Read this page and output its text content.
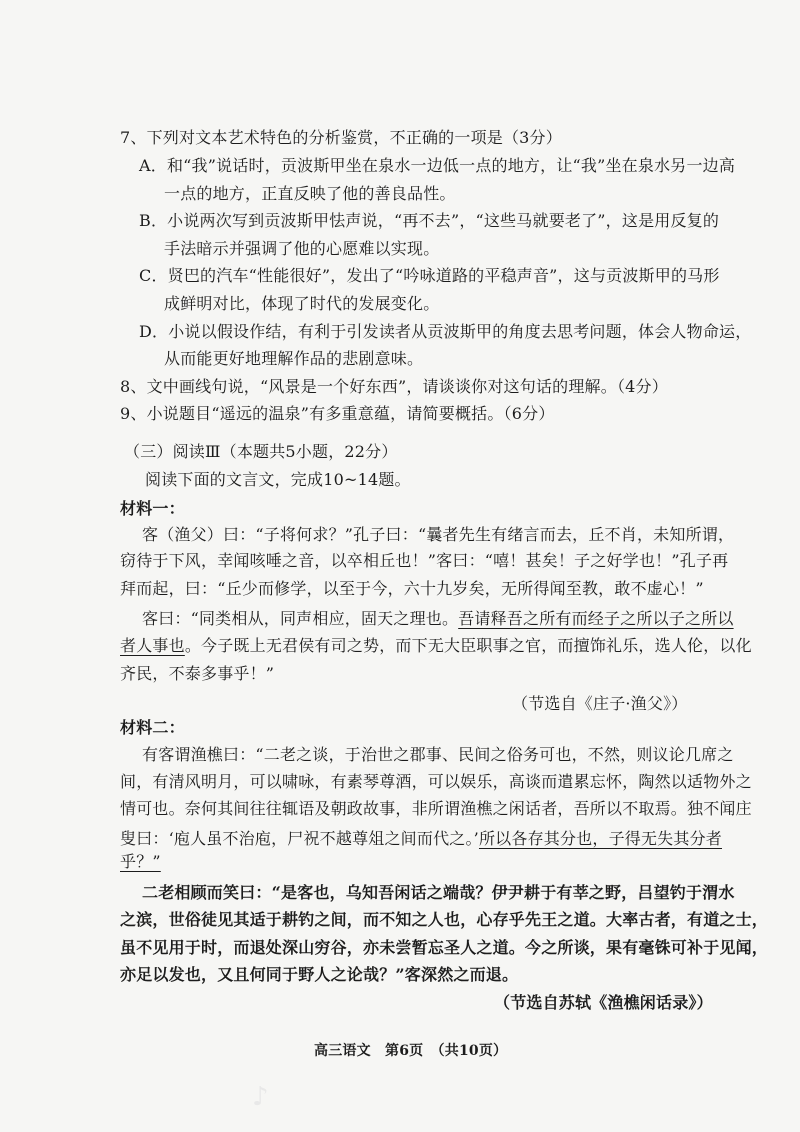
7、下列对文本艺术特色的分析鉴赏，不正确的一项是（3分）
A．和“我”说话时，贡波斯甲坐在泉水一边低一点的地方，让“我”坐在泉水另一边高
一点的地方，正直反映了他的善良品性。
B．小说两次写到贡波斯甲怯声说，“再不去”，“这些马就要老了”，这是用反复的
手法暗示并强调了他的心愿难以实现。
C．贤巴的汽车“性能很好”，发出了“吟咏道路的平稳声音”，这与贡波斯甲的马形
成鲜明对比，体现了时代的发展变化。
D．小说以假设作结，有利于引发读者从贡波斯甲的角度去思考问题，体会人物命运，
从而能更好地理解作品的悲剧意味。
8、文中画线句说，“风景是一个好东西”，请谈谈你对这句话的理解。（4分）
9、小说题目“遥远的温泉”有多重意蕴，请简要概括。（6分）
（三）阅读Ⅲ（本题共5小题，22分）
阅读下面的文言文，完成10~14题。
材料一：
客（渔父）曰：“子将何求？”孔子曰：“曩者先生有绪言而去，丘不肖，未知所谓，
窃待于下风，幸闻咳唾之音，以卒相丘也！”客曰：“嘻！甚矣！子之好学也！”孔子再
拜而起，曰：“丘少而修学，以至于今，六十九岁矣，无所得闻至教，敢不虚心！”
客曰：“同类相从，同声相应，固天之理也。吾请释吾之所有而经子之所以子之所以
者人事也。今子既上无君侯有司之势，而下无大臣职事之官，而擅饰礼乐，选人伦，以化
齐民，不泰多事乎！”
（节选自《庄子·渔父》）
材料二：
有客谓渔樵曰：“二老之谈，于治世之郡事、民间之俗务可也，不然，则议论几席之
间，有清风明月，可以啸咏，有素琴尊酒，可以娱乐，高谈而遣累忘怀，陶然以适物外之
情可也。奈何其间往往辄语及朝政故事，非所谓渔樵之闲话者，吾所以不取焉。独不闻庄
叟曰：‘庖人虽不治庖，尸祝不越尊俎之间而代之。’所以各存其分也，子得无失其分者
乎？”
二老相顾而笑曰：“是客也，乌知吾闲话之端哉？伊尹耕于有莘之野，吕望钓于渭水
之滨，世俗徒见其适于耕钓之间，而不知之人也，心存乎先王之道。大率古者，有道之士，
虽不见用于时，而退处深山穷谷，亦未尝暂忘圣人之道。今之所谈，果有毫铢可补于见闻，
亦足以发也，又且何同于野人之论哉？”客深然之而退。
（节选自苏轼《渔樵闲话录》）
高三语文　第6页　（共10页）
♪
